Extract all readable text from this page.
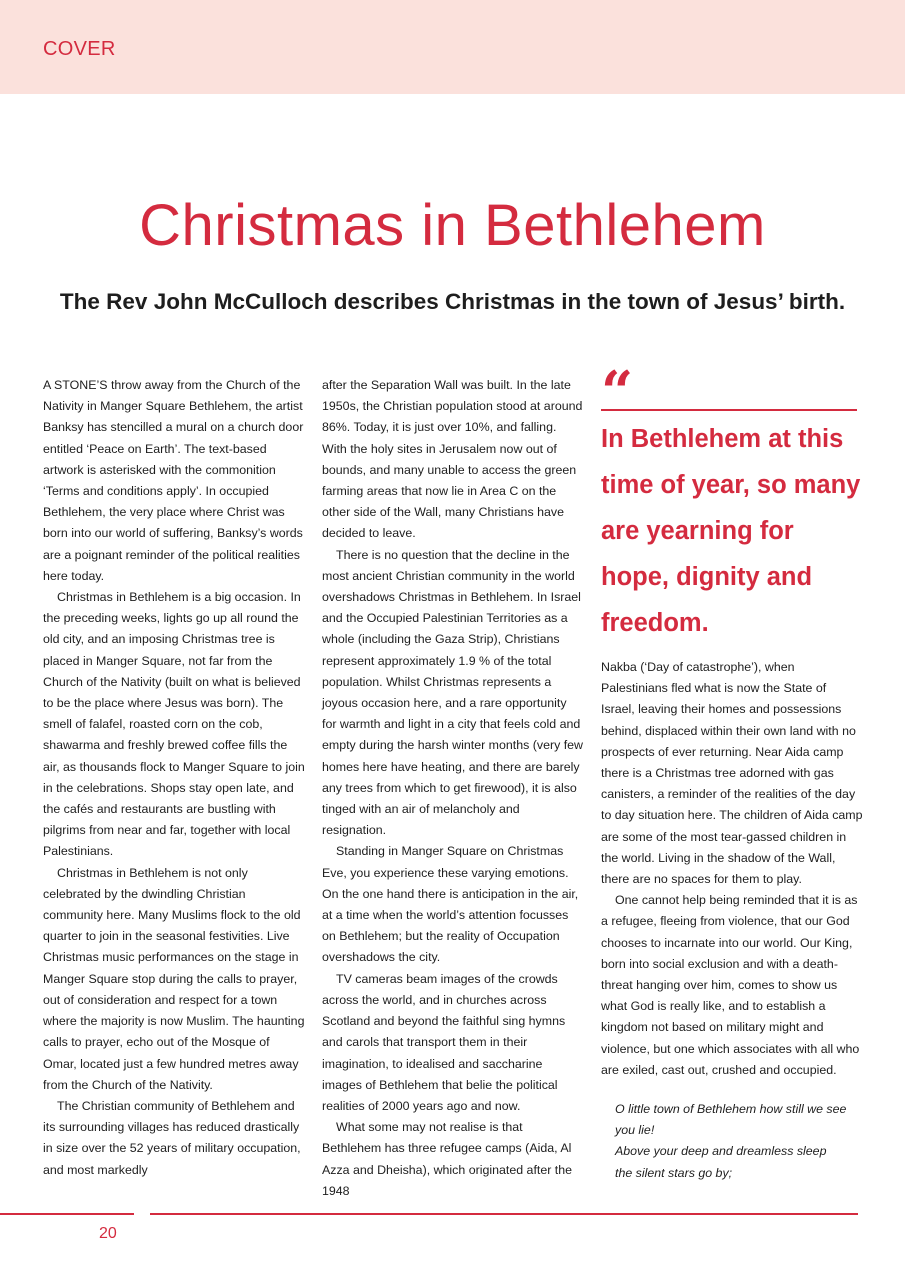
COVER
Christmas in Bethlehem
The Rev John McCulloch describes Christmas in the town of Jesus’ birth.

A STONE’S throw away from the Church of the Nativity in Manger Square Bethlehem, the artist Banksy has stencilled a mural on a church door entitled ‘Peace on Earth’. The text-based artwork is asterisked with the commonition ‘Terms and conditions apply’. In occupied Bethlehem, the very place where Christ was born into our world of suffering, Banksy’s words are a poignant reminder of the political realities here today.

Christmas in Bethlehem is a big occasion. In the preceding weeks, lights go up all round the old city, and an imposing Christmas tree is placed in Manger Square, not far from the Church of the Nativity (built on what is believed to be the place where Jesus was born). The smell of falafel, roasted corn on the cob, shawarma and freshly brewed coffee fills the air, as thousands flock to Manger Square to join in the celebrations. Shops stay open late, and the cafés and restaurants are bustling with pilgrims from near and far, together with local Palestinians.

Christmas in Bethlehem is not only celebrated by the dwindling Christian community here. Many Muslims flock to the old quarter to join in the seasonal festivities. Live Christmas music performances on the stage in Manger Square stop during the calls to prayer, out of consideration and respect for a town where the majority is now Muslim. The haunting calls to prayer, echo out of the Mosque of Omar, located just a few hundred metres away from the Church of the Nativity.

The Christian community of Bethlehem and its surrounding villages has reduced drastically in size over the 52 years of military occupation, and most markedly

after the Separation Wall was built. In the late 1950s, the Christian population stood at around 86%. Today, it is just over 10%, and falling. With the holy sites in Jerusalem now out of bounds, and many unable to access the green farming areas that now lie in Area C on the other side of the Wall, many Christians have decided to leave.

There is no question that the decline in the most ancient Christian community in the world overshadows Christmas in Bethlehem. In Israel and the Occupied Palestinian Territories as a whole (including the Gaza Strip), Christians represent approximately 1.9 % of the total population. Whilst Christmas represents a joyous occasion here, and a rare opportunity for warmth and light in a city that feels cold and empty during the harsh winter months (very few homes here have heating, and there are barely any trees from which to get firewood), it is also tinged with an air of melancholy and resignation.

Standing in Manger Square on Christmas Eve, you experience these varying emotions. On the one hand there is anticipation in the air, at a time when the world’s attention focusses on Bethlehem; but the reality of Occupation overshadows the city.

TV cameras beam images of the crowds across the world, and in churches across Scotland and beyond the faithful sing hymns and carols that transport them in their imagination, to idealised and saccharine images of Bethlehem that belie the political realities of 2000 years ago and now.

What some may not realise is that Bethlehem has three refugee camps (Aida, Al Azza and Dheisha), which originated after the 1948

“
In Bethlehem at this time of year, so many are yearning for hope, dignity and freedom.

Nakba (‘Day of catastrophe’), when Palestinians fled what is now the State of Israel, leaving their homes and possessions behind, displaced within their own land with no prospects of ever returning. Near Aida camp there is a Christmas tree adorned with gas canisters, a reminder of the realities of the day to day situation here. The children of Aida camp are some of the most tear-gassed children in the world. Living in the shadow of the Wall, there are no spaces for them to play.

One cannot help being reminded that it is as a refugee, fleeing from violence, that our God chooses to incarnate into our world. Our King, born into social exclusion and with a death-threat hanging over him, comes to show us what God is really like, and to establish a kingdom not based on military might and violence, but one which associates with all who are exiled, cast out, crushed and occupied.

O little town of Bethlehem how still we see
you lie!
Above your deep and dreamless sleep
the silent stars go by;
20
